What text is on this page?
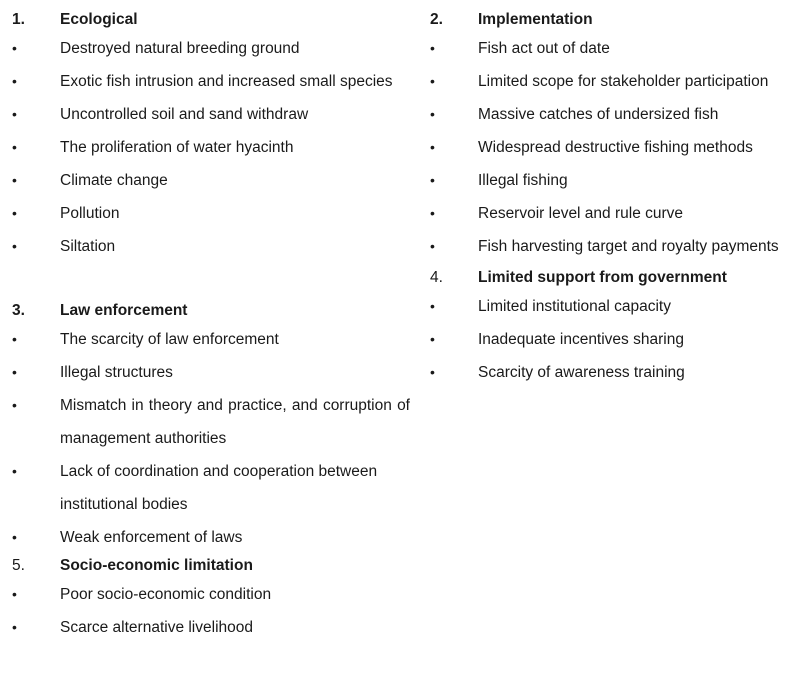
1.	Ecological
•	Destroyed natural breeding ground
•	Exotic fish intrusion and increased small species
•	Uncontrolled soil and sand withdraw
•	The proliferation of water hyacinth
•	Climate change
•	Pollution
•	Siltation
3.	Law enforcement
•	The scarcity of law enforcement
•	Illegal structures
•	Mismatch in theory and practice, and corruption of management authorities
•	Lack of coordination and cooperation between institutional bodies
•	Weak enforcement of laws
5.	Socio-economic limitation
•	Poor socio-economic condition
•	Scarce alternative livelihood
2.	Implementation
•	Fish act out of date
•	Limited scope for stakeholder participation
•	Massive catches of undersized fish
•	Widespread destructive fishing methods
•	Illegal fishing
•	Reservoir level and rule curve
•	Fish harvesting target and royalty payments
4.	Limited support from government
•	Limited institutional capacity
•	Inadequate incentives sharing
•	Scarcity of awareness training
